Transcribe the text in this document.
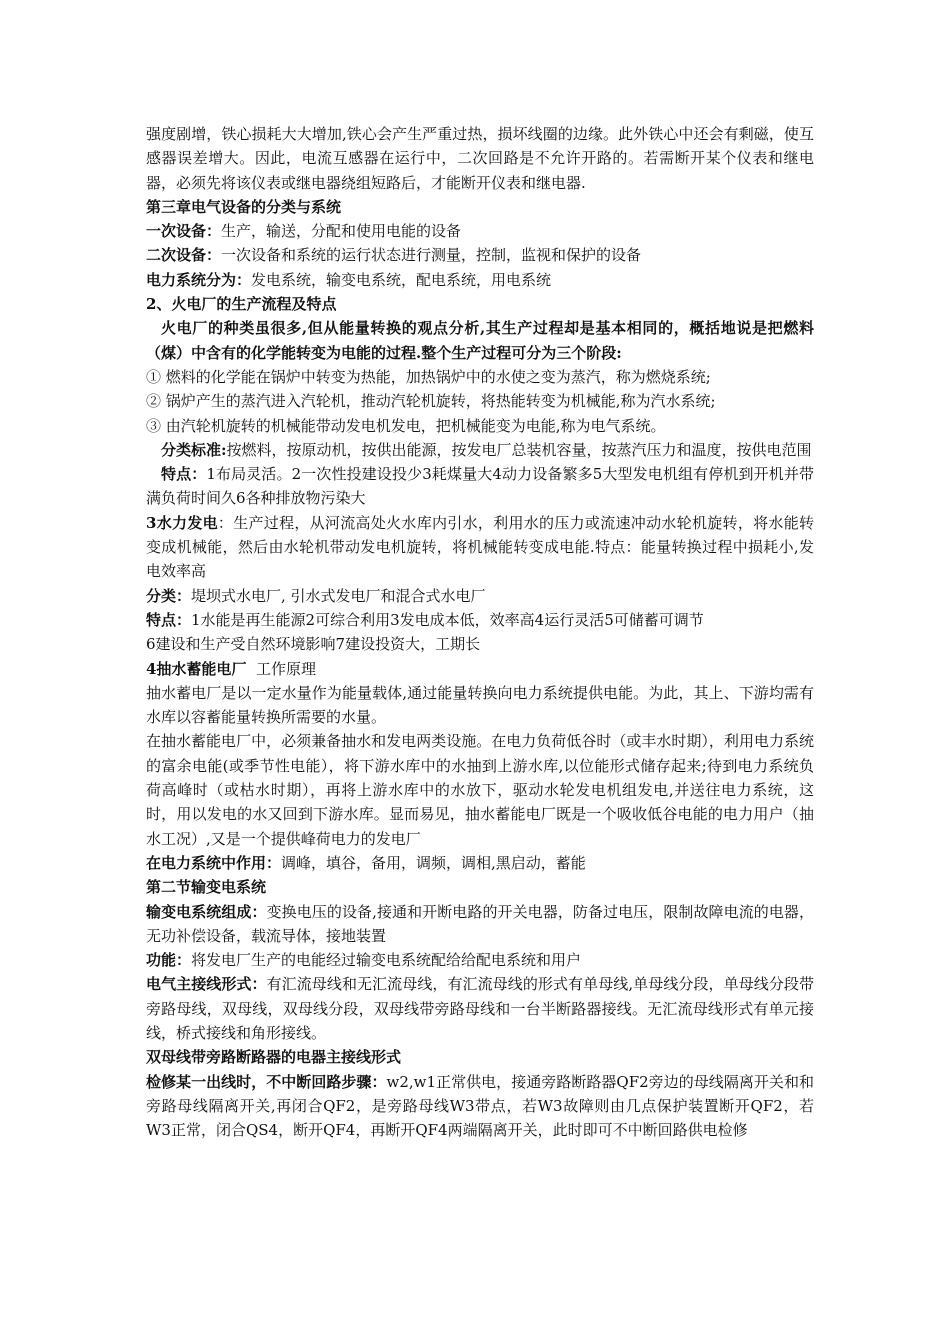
强度剧增，铁心损耗大大增加,铁心会产生严重过热，损坏线圈的边缘。此外铁心中还会有剩磁，使互感器误差增大。因此，电流互感器在运行中，二次回路是不允许开路的。若需断开某个仪表和继电器，必须先将该仪表或继电器绕组短路后，才能断开仪表和继电器.

第三章电气设备的分类与系统

一次设备：生产，输送，分配和使用电能的设备

二次设备：一次设备和系统的运行状态进行测量，控制，监视和保护的设备

电力系统分为：发电系统，输变电系统，配电系统，用电系统

2、火电厂的生产流程及特点

火电厂的种类虽很多,但从能量转换的观点分析,其生产过程却是基本相同的，概括地说是把燃料（煤）中含有的化学能转变为电能的过程.整个生产过程可分为三个阶段:

① 燃料的化学能在锅炉中转变为热能，加热锅炉中的水使之变为蒸汽，称为燃烧系统;

② 锅炉产生的蒸汽进入汽轮机，推动汽轮机旋转，将热能转变为机械能,称为汽水系统;

③ 由汽轮机旋转的机械能带动发电机发电，把机械能变为电能,称为电气系统。

分类标准:按燃料，按原动机，按供出能源，按发电厂总装机容量，按蒸汽压力和温度，按供电范围

特点：1布局灵活。2一次性投建设投少3耗煤量大4动力设备繁多5大型发电机组有停机到开机并带满负荷时间久6各种排放物污染大

3水力发电：生产过程，从河流高处火水库内引水，利用水的压力或流速冲动水轮机旋转，将水能转变成机械能，然后由水轮机带动发电机旋转，将机械能转变成电能.特点：能量转换过程中损耗小,发电效率高

分类：堤坝式水电厂, 引水式发电厂和混合式水电厂

特点：1水能是再生能源2可综合利用3发电成本低，效率高4运行灵活5可储蓄可调节

6建设和生产受自然环境影响7建设投资大，工期长

4抽水蓄能电厂  工作原理

抽水蓄电厂是以一定水量作为能量载体,通过能量转换向电力系统提供电能。为此，其上、下游均需有水库以容蓄能量转换所需要的水量。

在抽水蓄能电厂中，必须兼备抽水和发电两类设施。在电力负荷低谷时（或丰水时期），利用电力系统的富余电能(或季节性电能），将下游水库中的水抽到上游水库,以位能形式储存起来;待到电力系统负荷高峰时（或枯水时期），再将上游水库中的水放下，驱动水轮发电机组发电,并送往电力系统，这时，用以发电的水又回到下游水库。显而易见，抽水蓄能电厂既是一个吸收低谷电能的电力用户（抽水工况）,又是一个提供峰荷电力的发电厂

在电力系统中作用：调峰，填谷，备用，调频，调相,黑启动，蓄能

第二节输变电系统

输变电系统组成：变换电压的设备,接通和开断电路的开关电器，防备过电压，限制故障电流的电器，无功补偿设备，载流导体，接地装置

功能：将发电厂生产的电能经过输变电系统配给给配电系统和用户

电气主接线形式：有汇流母线和无汇流母线，有汇流母线的形式有单母线,单母线分段，单母线分段带旁路母线，双母线，双母线分段，双母线带旁路母线和一台半断路器接线。无汇流母线形式有单元接线，桥式接线和角形接线。

双母线带旁路断路器的电器主接线形式

检修某一出线时，不中断回路步骤：w2,w1正常供电，接通旁路断路器QF2旁边的母线隔离开关和和旁路母线隔离开关,再闭合QF2，是旁路母线W3带点，若W3故障则由几点保护装置断开QF2，若W3正常，闭合QS4，断开QF4，再断开QF4两端隔离开关，此时即可不中断回路供电检修
